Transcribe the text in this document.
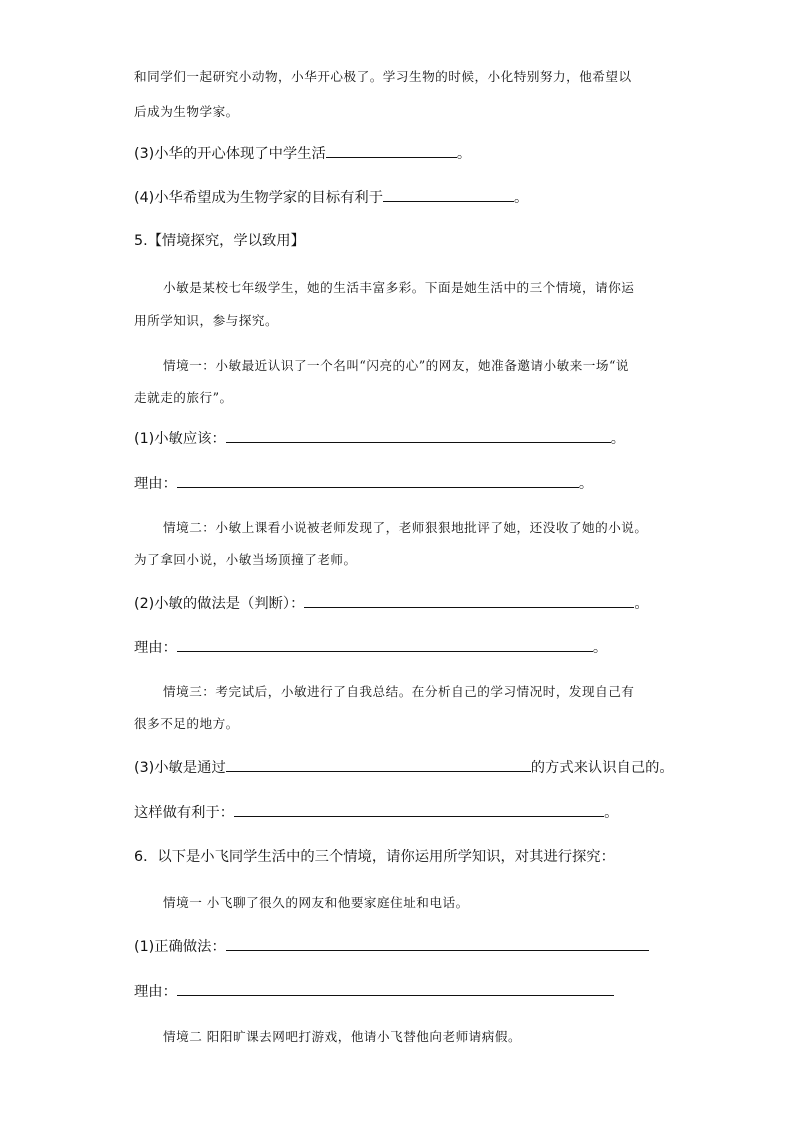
和同学们一起研究小动物，小华开心极了。学习生物的时候，小化特别努力，他希望以
后成为生物学家。
(3)小华的开心体现了中学生活	。
(4)小华希望成为生物学家的目标有利于	。
5.【情境探究，学以致用】
小敏是某校七年级学生，她的生活丰富多彩。下面是她生活中的三个情境，请你运
用所学知识，参与探究。
情境一：小敏最近认识了一个名叫“闪亮的心”的网友，她准备邀请小敏来一场“说
走就走的旅行”。
(1)小敏应该：	。
理由：	。
情境二：小敏上课看小说被老师发现了，老师狠狠地批评了她，还没收了她的小说。
为了拿回小说，小敏当场顶撞了老师。
(2)小敏的做法是（判断）：	。
理由：	。
情境三：考完试后，小敏进行了自我总结。在分析自己的学习情况时，发现自己有
很多不足的地方。
(3)小敏是通过	的方式来认识自己的。
这样做有利于：	。
6．以下是小飞同学生活中的三个情境，请你运用所学知识，对其进行探究：
情境一 小飞聊了很久的网友和他要家庭住址和电话。
(1)正确做法：
理由：
情境二 阳阳旷课去网吧打游戏，他请小飞替他向老师请病假。
